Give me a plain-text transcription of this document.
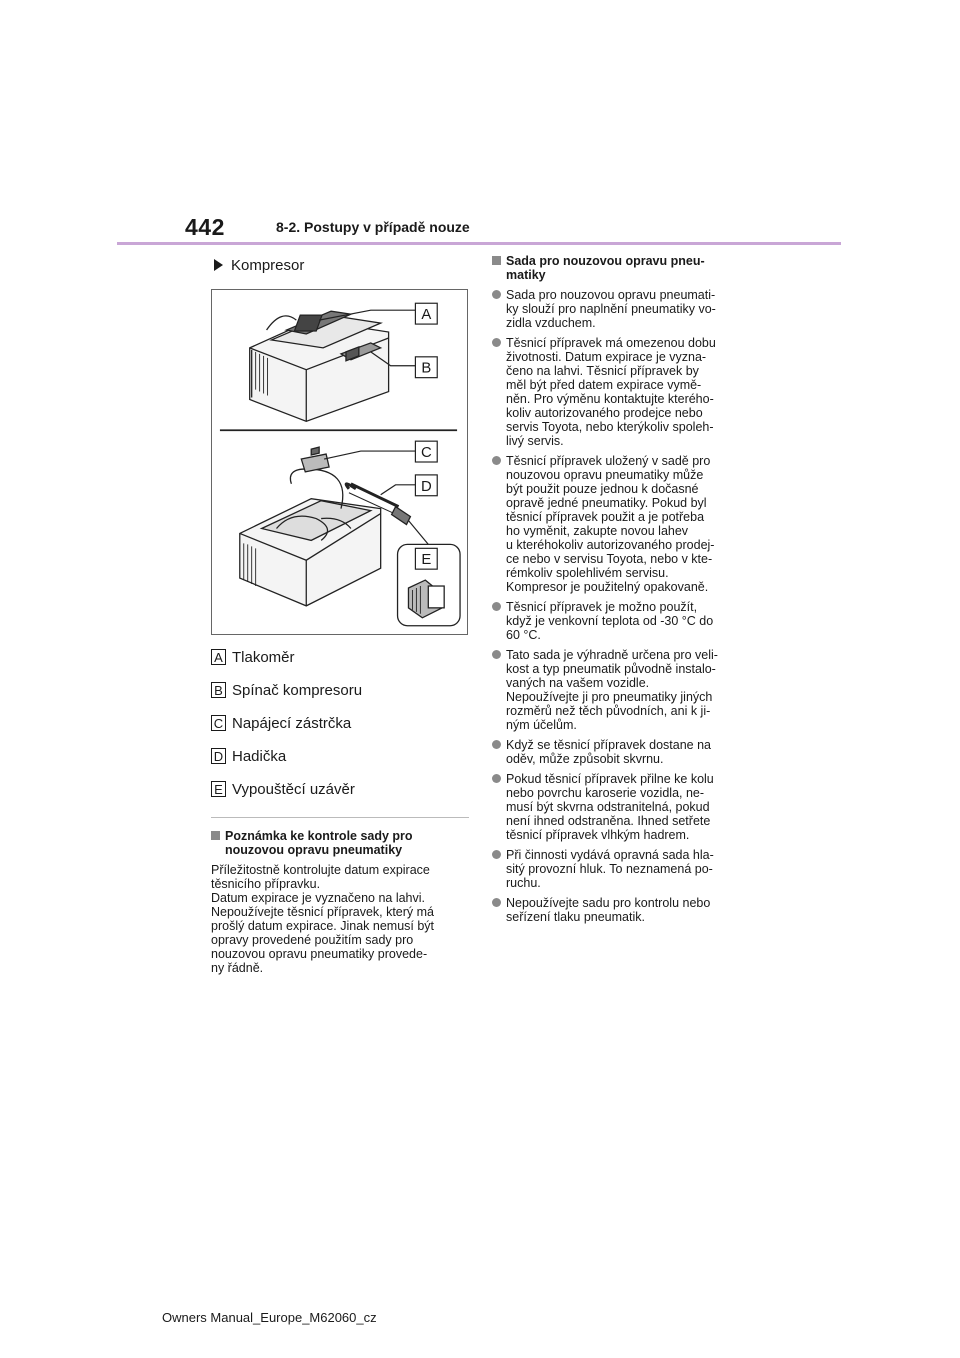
442	8-2. Postupy v případě nouze
Kompresor
A
B
C
D
E
A Tlakoměr
B Spínač kompresoru
C Napájecí zástrčka
D Hadička
E Vypouštěcí uzávěr
Poznámka ke kontrole sady pro
nouzovou opravu pneumatiky
Příležitostně kontrolujte datum expirace
těsnicího přípravku.
Datum expirace je vyznačeno na lahvi.
Nepoužívejte těsnicí přípravek, který má
prošlý datum expirace. Jinak nemusí být
opravy provedené použitím sady pro
nouzovou opravu pneumatiky provede-
ny řádně.
Sada pro nouzovou opravu pneu-
matiky
Sada pro nouzovou opravu pneumati-
ky slouží pro naplnění pneumatiky vo-
zidla vzduchem.
Těsnicí přípravek má omezenou dobu
životnosti. Datum expirace je vyzna-
čeno na lahvi. Těsnicí přípravek by
měl být před datem expirace vymě-
něn. Pro výměnu kontaktujte kterého-
koliv autorizovaného prodejce nebo
servis Toyota, nebo kterýkoliv spoleh-
livý servis.
Těsnicí přípravek uložený v sadě pro
nouzovou opravu pneumatiky může
být použit pouze jednou k dočasné
opravě jedné pneumatiky. Pokud byl
těsnicí přípravek použit a je potřeba
ho vyměnit, zakupte novou lahev
u kteréhokoliv autorizovaného prodej-
ce nebo v servisu Toyota, nebo v kte-
rémkoliv spolehlivém servisu.
Kompresor je použitelný opakovaně.
Těsnicí přípravek je možno použít,
když je venkovní teplota od -30 °C do
60 °C.
Tato sada je výhradně určena pro veli-
kost a typ pneumatik původně instalo-
vaných na vašem vozidle.
Nepoužívejte ji pro pneumatiky jiných
rozměrů než těch původních, ani k ji-
ným účelům.
Když se těsnicí přípravek dostane na
oděv, může způsobit skvrnu.
Pokud těsnicí přípravek přilne ke kolu
nebo povrchu karoserie vozidla, ne-
musí být skvrna odstranitelná, pokud
není ihned odstraněna. Ihned setřete
těsnicí přípravek vlhkým hadrem.
Při činnosti vydává opravná sada hla-
sitý provozní hluk. To neznamená po-
ruchu.
Nepoužívejte sadu pro kontrolu nebo
seřízení tlaku pneumatik.
Owners Manual_Europe_M62060_cz
